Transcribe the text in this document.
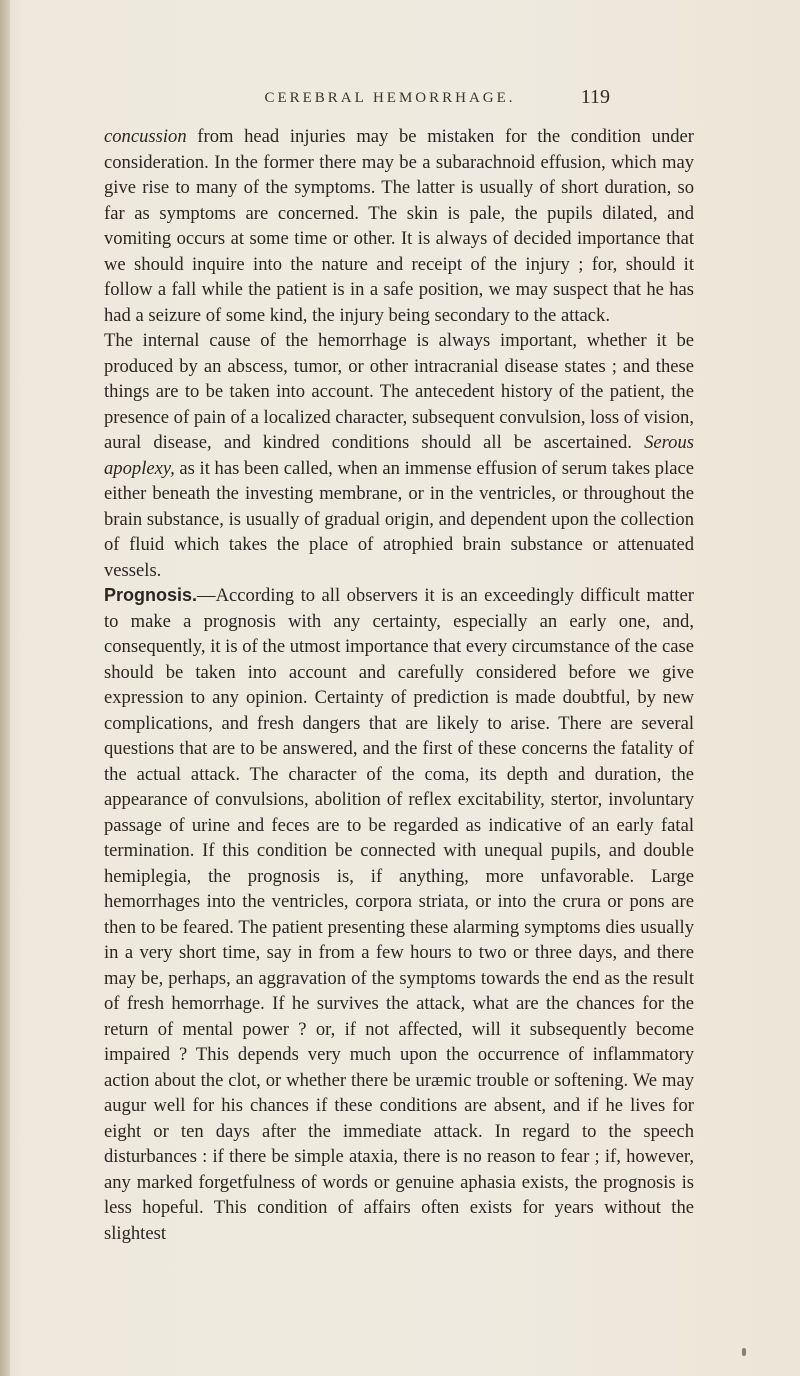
CEREBRAL HEMORRHAGE.	119

concussion from head injuries may be mistaken for the condition under consideration. In the former there may be a subarachnoid effusion, which may give rise to many of the symptoms. The latter is usually of short duration, so far as symptoms are concerned. The skin is pale, the pupils dilated, and vomiting occurs at some time or other. It is always of decided importance that we should inquire into the nature and receipt of the injury ; for, should it follow a fall while the patient is in a safe position, we may suspect that he has had a seizure of some kind, the injury being secondary to the attack.

The internal cause of the hemorrhage is always important, whether it be produced by an abscess, tumor, or other intracranial disease states ; and these things are to be taken into account. The antecedent history of the patient, the presence of pain of a localized character, subsequent convulsion, loss of vision, aural disease, and kindred conditions should all be ascertained. Serous apoplexy, as it has been called, when an immense effusion of serum takes place either beneath the investing membrane, or in the ventricles, or throughout the brain substance, is usually of gradual origin, and dependent upon the collection of fluid which takes the place of atrophied brain substance or attenuated vessels.

Prognosis.—According to all observers it is an exceedingly difficult matter to make a prognosis with any certainty, especially an early one, and, consequently, it is of the utmost importance that every circumstance of the case should be taken into account and carefully considered before we give expression to any opinion. Certainty of prediction is made doubtful, by new complications, and fresh dangers that are likely to arise. There are several questions that are to be answered, and the first of these concerns the fatality of the actual attack. The character of the coma, its depth and duration, the appearance of convulsions, abolition of reflex excitability, stertor, involuntary passage of urine and feces are to be regarded as indicative of an early fatal termination. If this condition be connected with unequal pupils, and double hemiplegia, the prognosis is, if anything, more unfavorable. Large hemorrhages into the ventricles, corpora striata, or into the crura or pons are then to be feared. The patient presenting these alarming symptoms dies usually in a very short time, say in from a few hours to two or three days, and there may be, perhaps, an aggravation of the symptoms towards the end as the result of fresh hemorrhage. If he survives the attack, what are the chances for the return of mental power ? or, if not affected, will it subsequently become impaired ? This depends very much upon the occurrence of inflammatory action about the clot, or whether there be uræmic trouble or softening. We may augur well for his chances if these conditions are absent, and if he lives for eight or ten days after the immediate attack. In regard to the speech disturbances : if there be simple ataxia, there is no reason to fear ; if, however, any marked forgetfulness of words or genuine aphasia exists, the prognosis is less hopeful. This condition of affairs often exists for years without the slightest
